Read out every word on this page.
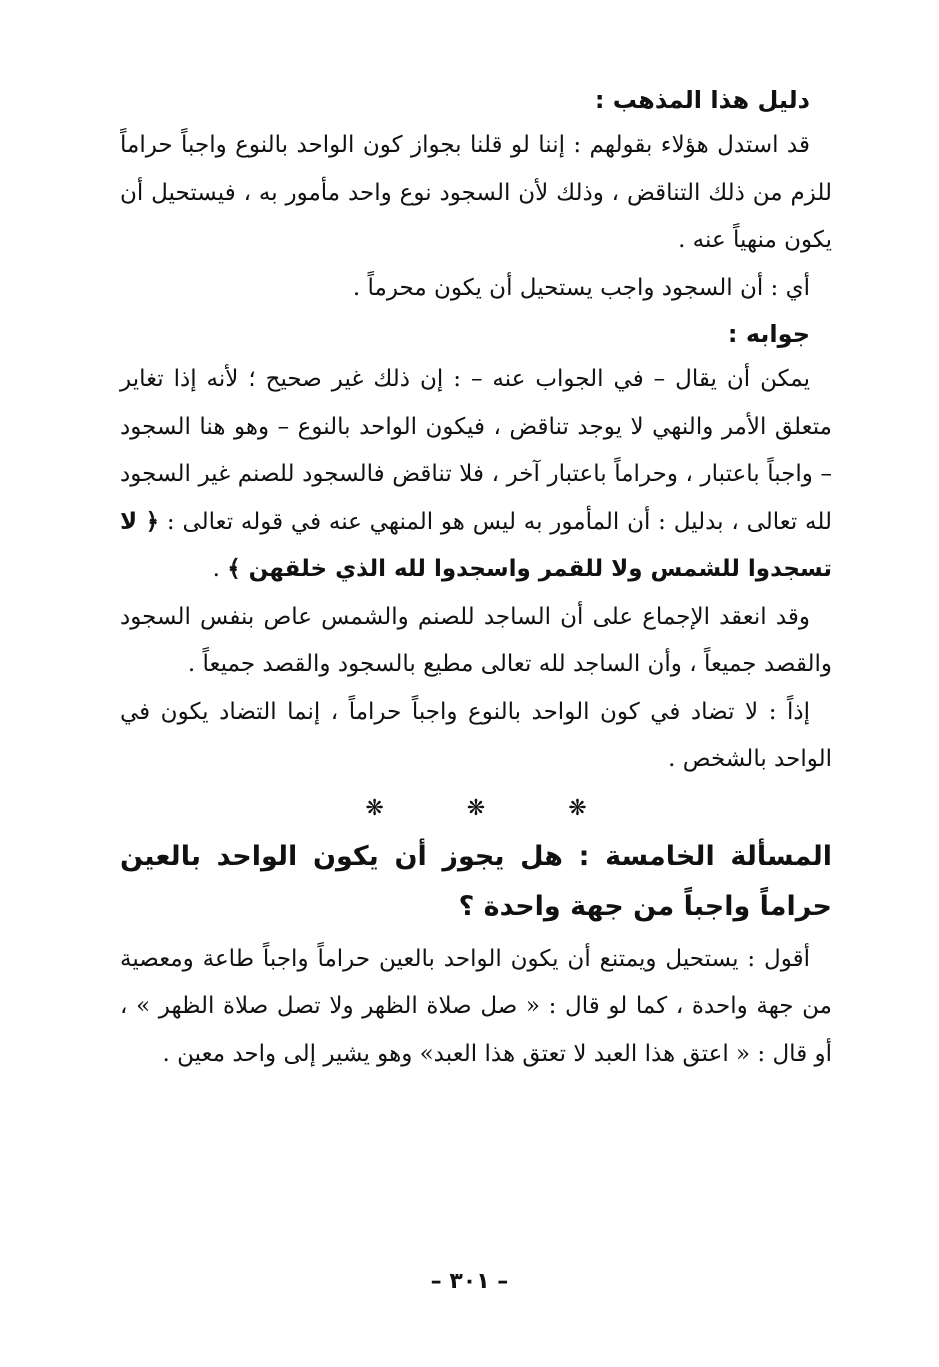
دليل هذا المذهب :

قد استدل هؤلاء بقولهم : إننا لو قلنا بجواز كون الواحد بالنوع واجباً حراماً للزم من ذلك التناقض ، وذلك لأن السجود نوع واحد مأمور به ، فيستحيل أن يكون منهياً عنه .

أي : أن السجود واجب يستحيل أن يكون محرماً .

جوابه :

يمكن أن يقال – في الجواب عنه – : إن ذلك غير صحيح ؛ لأنه إذا تغاير متعلق الأمر والنهي لا يوجد تناقض ، فيكون الواحد بالنوع – وهو هنا السجود – واجباً باعتبار ، وحراماً باعتبار آخر ، فلا تناقض فالسجود للصنم غير السجود لله تعالى ، بدليل : أن المأمور به ليس هو المنهي عنه في قوله تعالى : ﴿ لا تسجدوا للشمس ولا للقمر واسجدوا لله الذي خلقهن ﴾ .

وقد انعقد الإجماع على أن الساجد للصنم والشمس عاص بنفس السجود والقصد جميعاً ، وأن الساجد لله تعالى مطيع بالسجود والقصد جميعاً .

إذاً : لا تضاد في كون الواحد بالنوع واجباً حراماً ، إنما التضاد يكون في الواحد بالشخص .

❋	❋	❋

المسألة الخامسة : هل يجوز أن يكون الواحد بالعين حراماً واجباً من جهة واحدة ؟

أقول : يستحيل ويمتنع أن يكون الواحد بالعين حراماً واجباً طاعة ومعصية من جهة واحدة ، كما لو قال : « صل صلاة الظهر ولا تصل صلاة الظهر » ، أو قال : « اعتق هذا العبد لا تعتق هذا العبد» وهو يشير إلى واحد معين .

– ٣٠١ –
